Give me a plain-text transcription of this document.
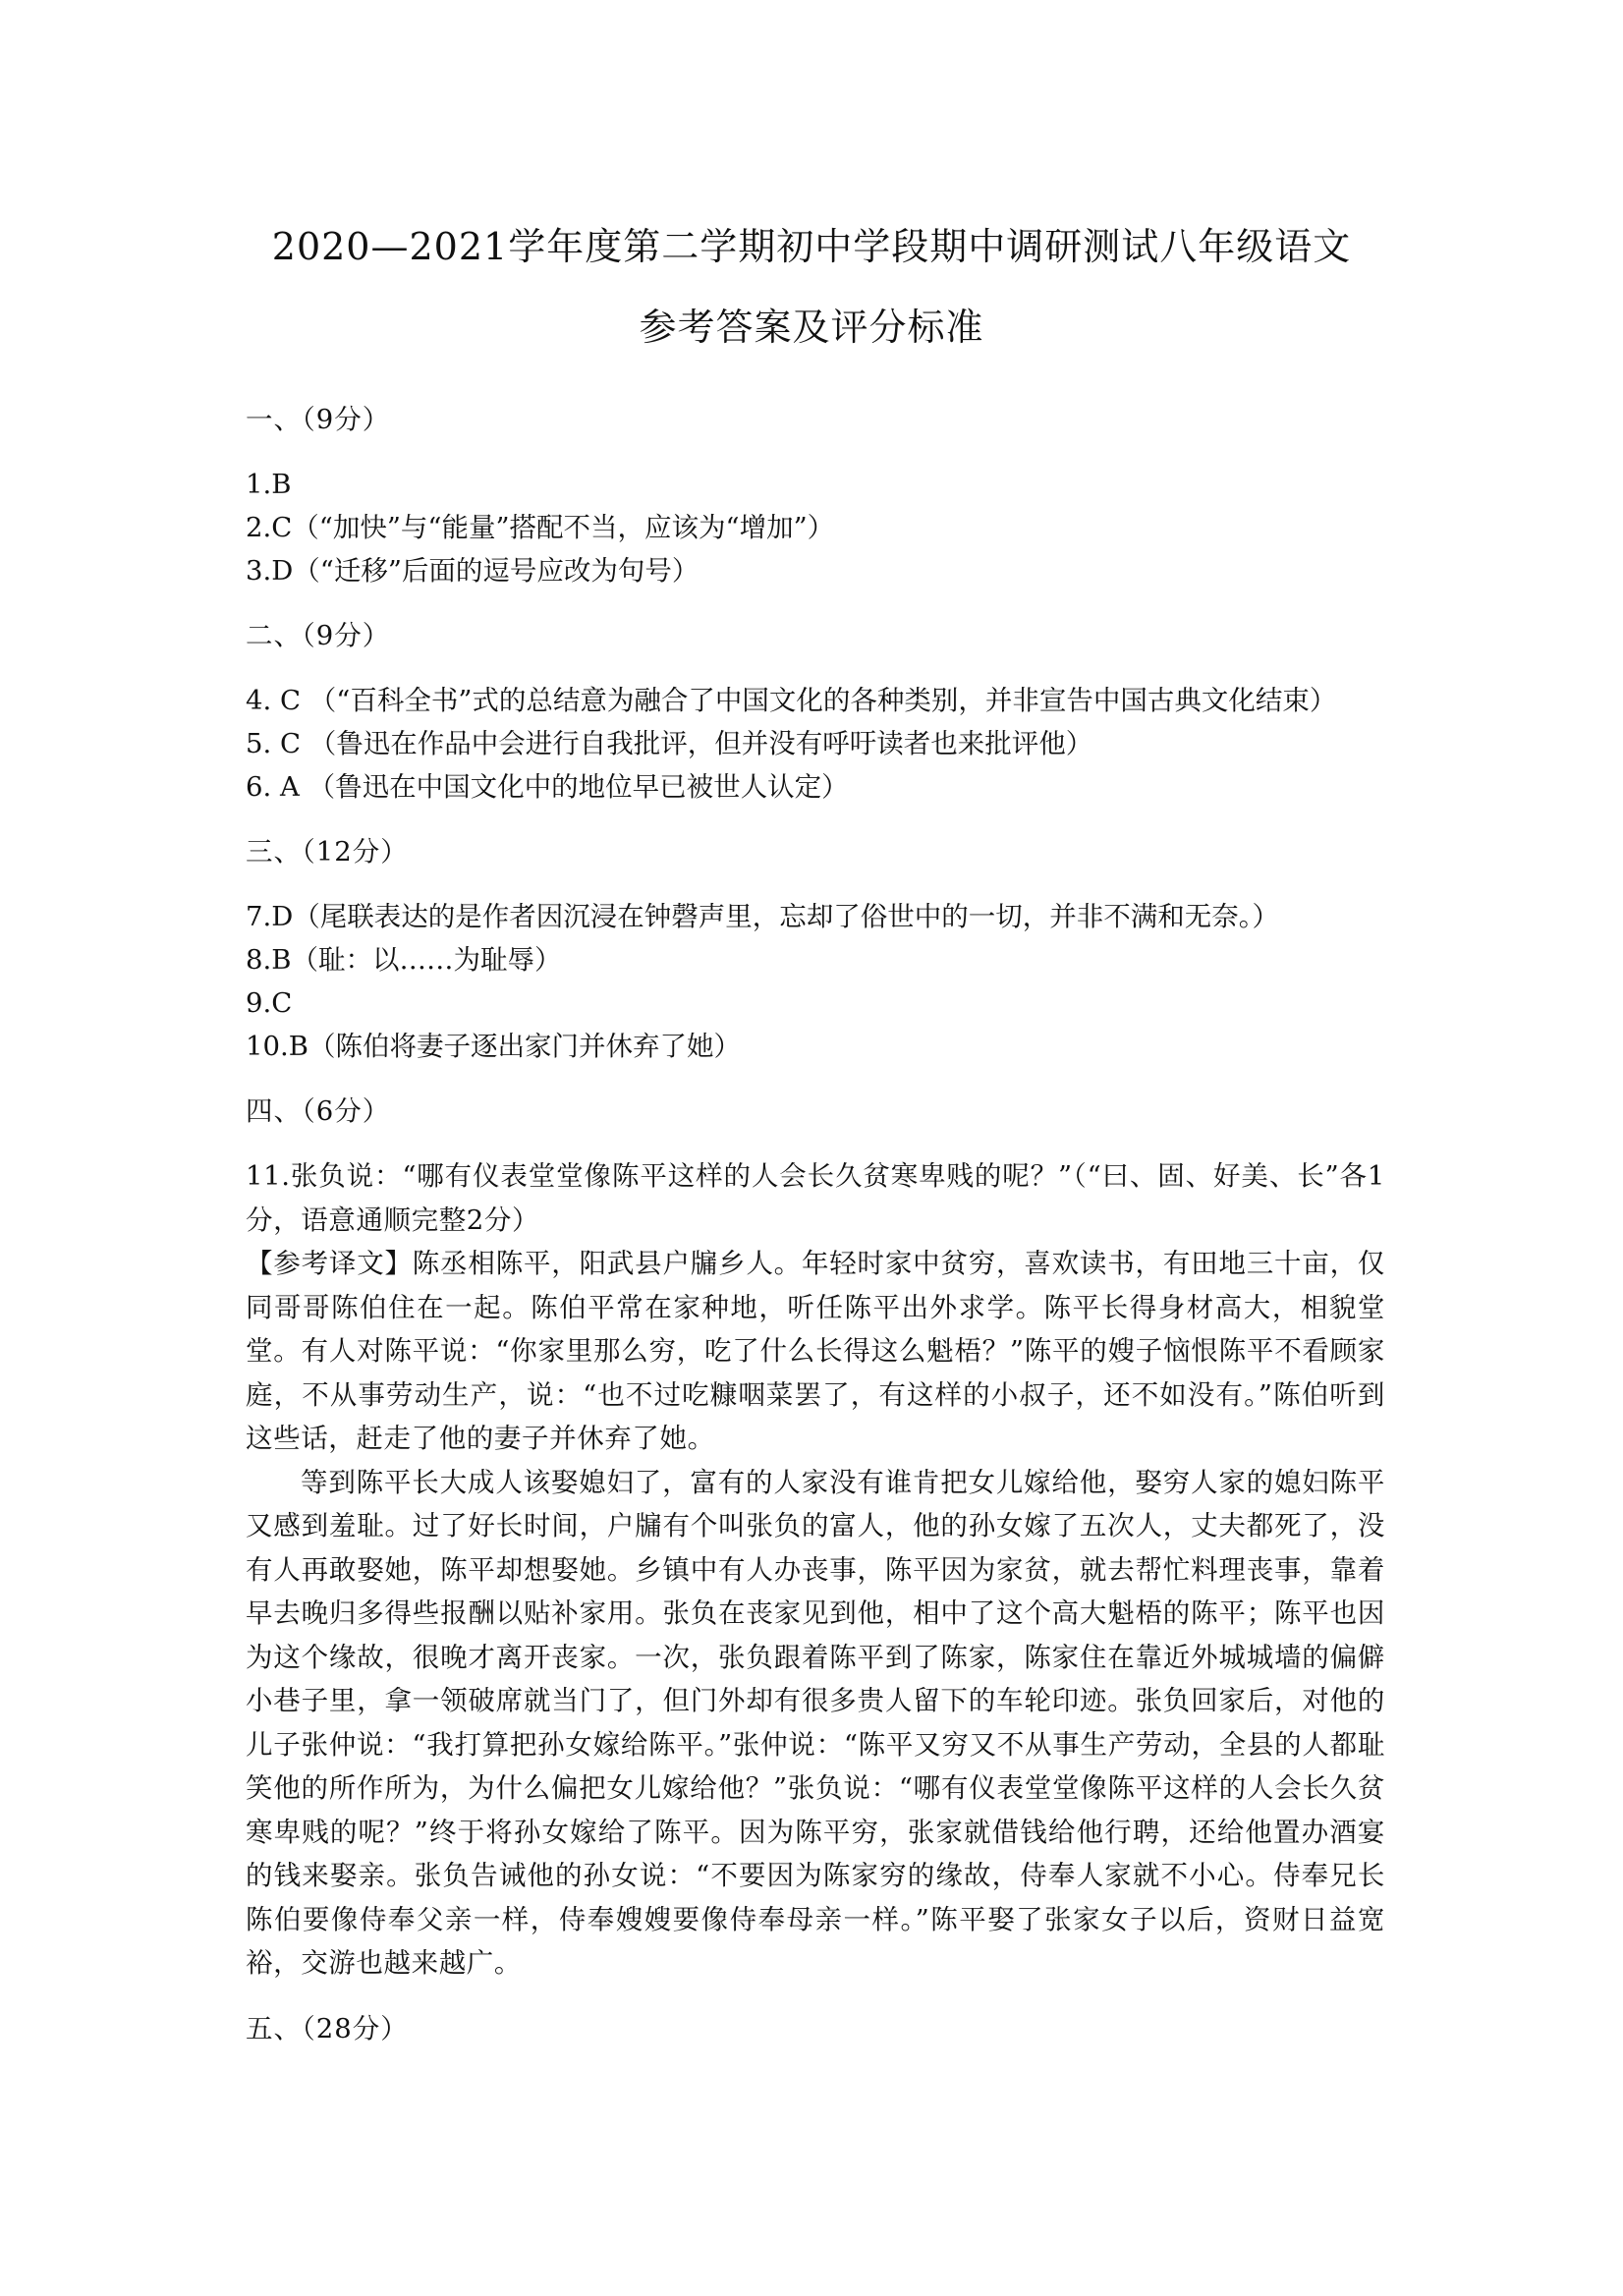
2020—2021学年度第二学期初中学段期中调研测试八年级语文
参考答案及评分标准

一、（9分）

1.B

2.C（“加快”与“能量”搭配不当，应该为“增加”）

3.D（“迁移”后面的逗号应改为句号）

二、（9分）

4. C （“百科全书”式的总结意为融合了中国文化的各种类别，并非宣告中国古典文化结束）

5. C （鲁迅在作品中会进行自我批评，但并没有呼吁读者也来批评他）

6. A （鲁迅在中国文化中的地位早已被世人认定）

三、（12分）

7.D（尾联表达的是作者因沉浸在钟磬声里，忘却了俗世中的一切，并非不满和无奈。）

8.B（耻：以……为耻辱）

9.C

10.B（陈伯将妻子逐出家门并休弃了她）

四、（6分）

11.张负说：“哪有仪表堂堂像陈平这样的人会长久贫寒卑贱的呢？”（“曰、固、好美、长”各1分，语意通顺完整2分）

【参考译文】陈丞相陈平，阳武县户牖乡人。年轻时家中贫穷，喜欢读书，有田地三十亩，仅同哥哥陈伯住在一起。陈伯平常在家种地，听任陈平出外求学。陈平长得身材高大，相貌堂堂。有人对陈平说：“你家里那么穷，吃了什么长得这么魁梧？”陈平的嫂子恼恨陈平不看顾家庭，不从事劳动生产，说：“也不过吃糠咽菜罢了，有这样的小叔子，还不如没有。”陈伯听到这些话，赶走了他的妻子并休弃了她。

等到陈平长大成人该娶媳妇了，富有的人家没有谁肯把女儿嫁给他，娶穷人家的媳妇陈平又感到羞耻。过了好长时间，户牖有个叫张负的富人，他的孙女嫁了五次人，丈夫都死了，没有人再敢娶她，陈平却想娶她。乡镇中有人办丧事，陈平因为家贫，就去帮忙料理丧事，靠着早去晚归多得些报酬以贴补家用。张负在丧家见到他，相中了这个高大魁梧的陈平；陈平也因为这个缘故，很晚才离开丧家。一次，张负跟着陈平到了陈家，陈家住在靠近外城城墙的偏僻小巷子里，拿一领破席就当门了，但门外却有很多贵人留下的车轮印迹。张负回家后，对他的儿子张仲说：“我打算把孙女嫁给陈平。”张仲说：“陈平又穷又不从事生产劳动，全县的人都耻笑他的所作所为，为什么偏把女儿嫁给他？”张负说：“哪有仪表堂堂像陈平这样的人会长久贫寒卑贱的呢？”终于将孙女嫁给了陈平。因为陈平穷，张家就借钱给他行聘，还给他置办酒宴的钱来娶亲。张负告诫他的孙女说：“不要因为陈家穷的缘故，侍奉人家就不小心。侍奉兄长陈伯要像侍奉父亲一样，侍奉嫂嫂要像侍奉母亲一样。”陈平娶了张家女子以后，资财日益宽裕，交游也越来越广。

五、（28分）
